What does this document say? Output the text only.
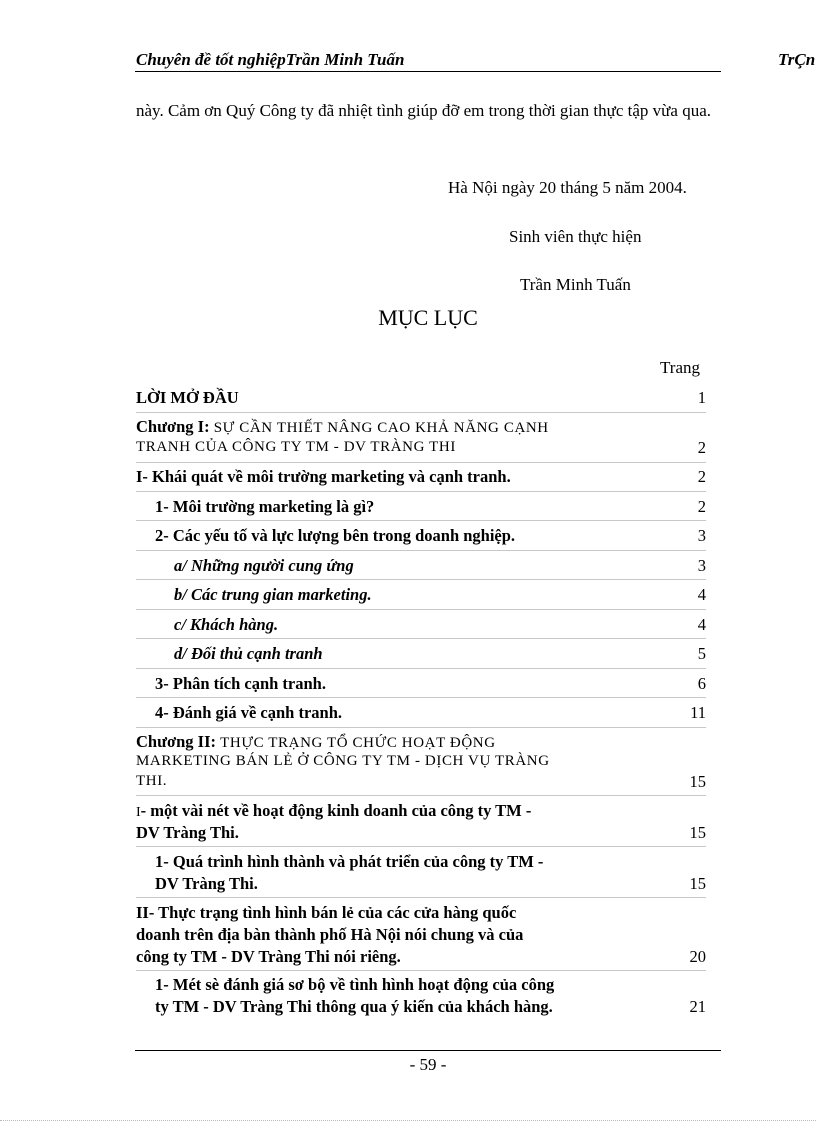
Chuyên đề tốt nghiệpTrần Minh Tuấn	TrÇn
này. Cảm ơn Quý Công ty đã nhiệt tình giúp đỡ em trong thời gian thực tập vừa qua.
Hà Nội ngày 20 tháng 5 năm 2004.
Sinh viên thực hiện
Trần Minh Tuấn
MỤC LỤC
Trang
LỜI MỞ ĐẦU	1
Chương I: SỰ CẦN THIẾT NÂNG CAO KHẢ NĂNG CẠNH
TRANH CỦA CÔNG TY TM - DV TRÀNG THI	2
I- Khái quát về môi trường marketing và cạnh tranh.	2
1- Môi trường marketing là gì?	2
2- Các yếu tố và lực lượng bên trong doanh nghiệp.	3
a/ Những người cung ứng	3
b/ Các trung gian marketing.	4
c/ Khách hàng.	4
d/ Đối thủ cạnh tranh	5
3- Phân tích cạnh tranh.	6
4- Đánh giá về cạnh tranh.	11
Chương II: THỰC TRẠNG TỔ CHỨC HOẠT ĐỘNG
MARKETING BÁN LẺ Ở CÔNG TY TM - DỊCH VỤ TRÀNG
THI.	15
I- một vài nét về hoạt động kinh doanh của công ty TM -
DV Tràng Thi.	15
1- Quá trình hình thành và phát triển của công ty TM -
DV Tràng Thi.	15
II- Thực trạng tình hình bán lẻ của các cửa hàng quốc
doanh trên địa bàn thành phố Hà Nội nói chung và của
công ty TM - DV Tràng Thi nói riêng.	20
1- Mét sè đánh giá sơ bộ về tình hình hoạt động của công
ty TM - DV Tràng Thi thông qua ý kiến của khách hàng.	21
- 59 -
